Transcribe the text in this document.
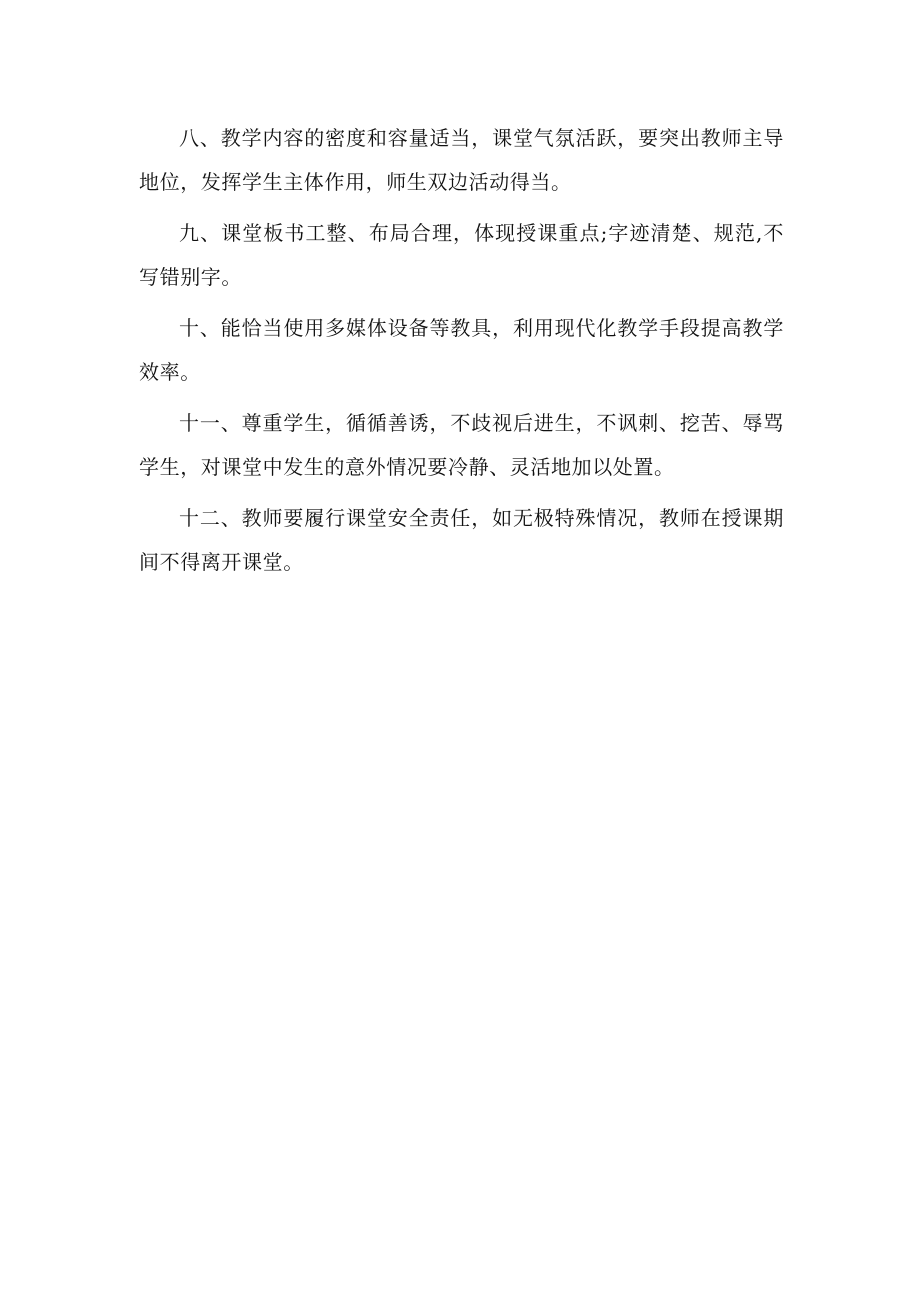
八、教学内容的密度和容量适当，课堂气氛活跃，要突出教师主导地位，发挥学生主体作用，师生双边活动得当。

九、课堂板书工整、布局合理，体现授课重点;字迹清楚、规范,不写错别字。

十、能恰当使用多媒体设备等教具，利用现代化教学手段提高教学效率。

十一、尊重学生，循循善诱，不歧视后进生，不讽刺、挖苦、辱骂学生，对课堂中发生的意外情况要冷静、灵活地加以处置。

十二、教师要履行课堂安全责任，如无极特殊情况，教师在授课期间不得离开课堂。
